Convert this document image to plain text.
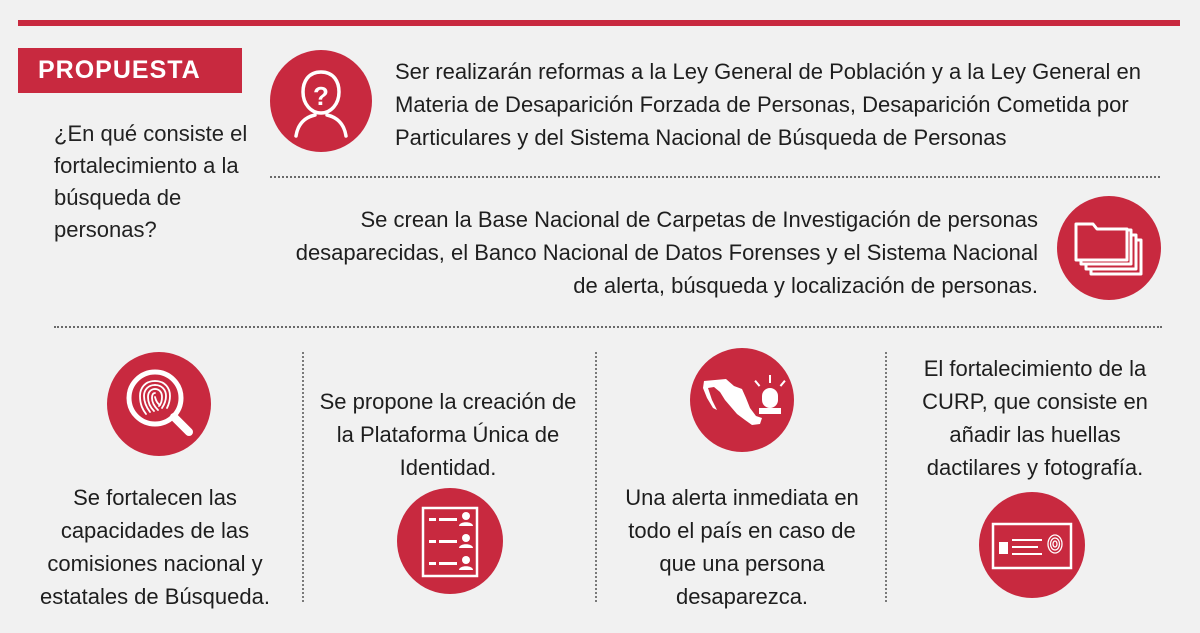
PROPUESTA
¿En qué consiste el fortalecimiento a la búsqueda de personas?
?
Ser realizarán reformas a la Ley General de Población y a la Ley General en Materia de Desaparición Forzada de Personas, Desaparición Cometida por Particulares y del Sistema Nacional de Búsqueda de Personas
Se crean la Base Nacional de Carpetas de Investigación de personas desaparecidas, el Banco Nacional de Datos Forenses y el Sistema Nacional de alerta, búsqueda y localización de personas.
Se fortalecen las capacidades de las comisiones nacional y estatales de Búsqueda.
Se propone la creación de la Plataforma Única de Identidad.
Una alerta inmediata en todo el país en caso de que una persona desaparezca.
El fortalecimiento de la CURP, que consiste en añadir las huellas dactilares y fotografía.
